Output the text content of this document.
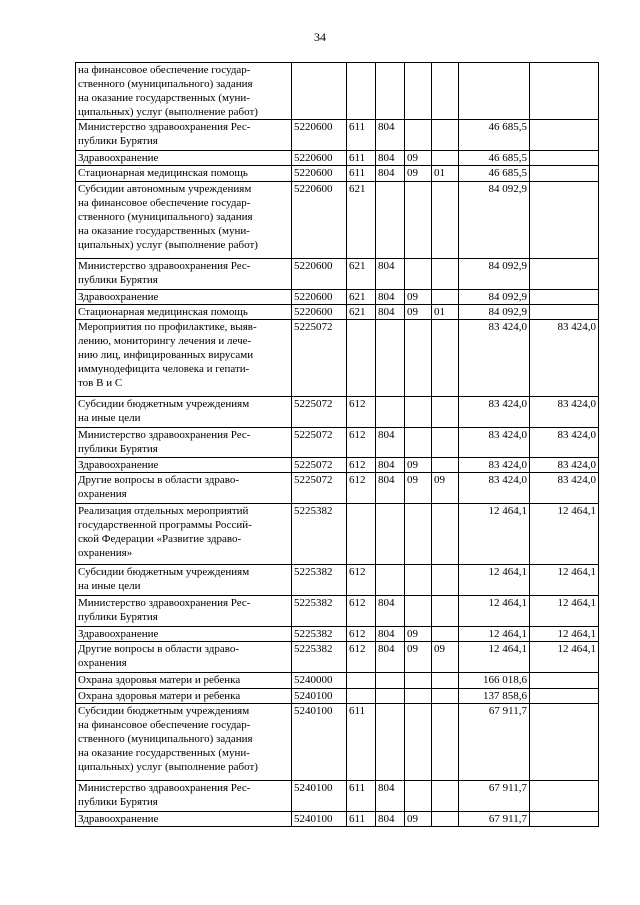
34
на финансовое обеспечение государ-
ственного (муниципального) задания
на оказание государственных (муни-
ципальных) услуг (выполнение работ)							
Министерство здравоохранения Рес-
публики Бурятия	5220600	611	804			46 685,5	
Здравоохранение	5220600	611	804	09		46 685,5	
Стационарная медицинская помощь	5220600	611	804	09	01	46 685,5	
Субсидии автономным учреждениям
на финансовое обеспечение государ-
ственного (муниципального) задания
на оказание государственных (муни-
ципальных) услуг (выполнение работ)	5220600	621				84 092,9	
Министерство здравоохранения Рес-
публики Бурятия	5220600	621	804			84 092,9	
Здравоохранение	5220600	621	804	09		84 092,9	
Стационарная медицинская помощь	5220600	621	804	09	01	84 092,9	
Мероприятия по профилактике, выяв-
лению, мониторингу лечения и лече-
нию лиц, инфицированных вирусами
иммунодефицита человека и гепати-
тов В и С	5225072					83 424,0	83 424,0
Субсидии бюджетным учреждениям
на иные цели	5225072	612				83 424,0	83 424,0
Министерство здравоохранения Рес-
публики Бурятия	5225072	612	804			83 424,0	83 424,0
Здравоохранение	5225072	612	804	09		83 424,0	83 424,0
Другие вопросы в области здраво-
охранения	5225072	612	804	09	09	83 424,0	83 424,0
Реализация отдельных мероприятий
государственной программы Россий-
ской Федерации «Развитие здраво-
охранения»	5225382					12 464,1	12 464,1
Субсидии бюджетным учреждениям
на иные цели	5225382	612				12 464,1	12 464,1
Министерство здравоохранения Рес-
публики Бурятия	5225382	612	804			12 464,1	12 464,1
Здравоохранение	5225382	612	804	09		12 464,1	12 464,1
Другие вопросы в области здраво-
охранения	5225382	612	804	09	09	12 464,1	12 464,1
Охрана здоровья матери и ребенка	5240000					166 018,6	
Охрана здоровья матери и ребенка	5240100					137 858,6	
Субсидии бюджетным учреждениям
на финансовое обеспечение государ-
ственного (муниципального) задания
на оказание государственных (муни-
ципальных) услуг (выполнение работ)	5240100	611				67 911,7	
Министерство здравоохранения Рес-
публики Бурятия	5240100	611	804			67 911,7	
Здравоохранение	5240100	611	804	09		67 911,7	
